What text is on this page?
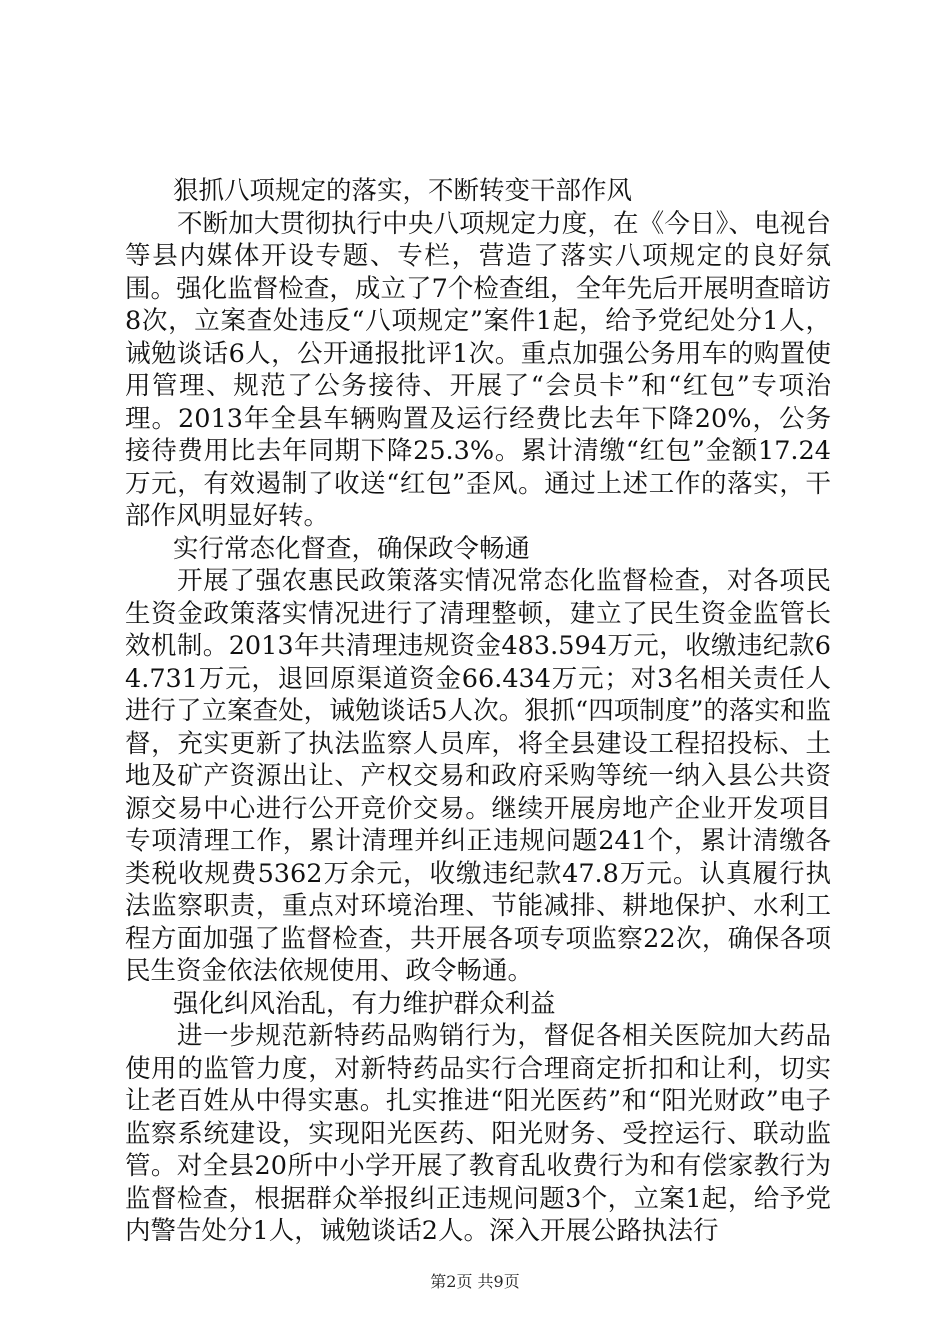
狠抓八项规定的落实，不断转变干部作风

不断加大贯彻执行中央八项规定力度，在《今日》、电视台等县内媒体开设专题、专栏，营造了落实八项规定的良好氛围。强化监督检查，成立了7个检查组，全年先后开展明查暗访8次，立案查处违反“八项规定”案件1起，给予党纪处分1人，诫勉谈话6人，公开通报批评1次。重点加强公务用车的购置使用管理、规范了公务接待、开展了“会员卡”和“红包”专项治理。2013年全县车辆购置及运行经费比去年下降20%，公务接待费用比去年同期下降25.3%。累计清缴“红包”金额17.24万元，有效遏制了收送“红包”歪风。通过上述工作的落实，干部作风明显好转。

实行常态化督查，确保政令畅通

开展了强农惠民政策落实情况常态化监督检查，对各项民生资金政策落实情况进行了清理整顿，建立了民生资金监管长效机制。2013年共清理违规资金483.594万元，收缴违纪款64.731万元，退回原渠道资金66.434万元；对3名相关责任人进行了立案查处，诫勉谈话5人次。狠抓“四项制度”的落实和监督，充实更新了执法监察人员库，将全县建设工程招投标、土地及矿产资源出让、产权交易和政府采购等统一纳入县公共资源交易中心进行公开竞价交易。继续开展房地产企业开发项目专项清理工作，累计清理并纠正违规问题241个，累计清缴各类税收规费5362万余元，收缴违纪款47.8万元。认真履行执法监察职责，重点对环境治理、节能减排、耕地保护、水利工程方面加强了监督检查，共开展各项专项监察22次，确保各项民生资金依法依规使用、政令畅通。

强化纠风治乱，有力维护群众利益

进一步规范新特药品购销行为，督促各相关医院加大药品使用的监管力度，对新特药品实行合理商定折扣和让利，切实让老百姓从中得实惠。扎实推进“阳光医药”和“阳光财政”电子监察系统建设，实现阳光医药、阳光财务、受控运行、联动监管。对全县20所中小学开展了教育乱收费行为和有偿家教行为监督检查，根据群众举报纠正违规问题3个，立案1起，给予党内警告处分1人，诫勉谈话2人。深入开展公路执法行

第2页 共9页
